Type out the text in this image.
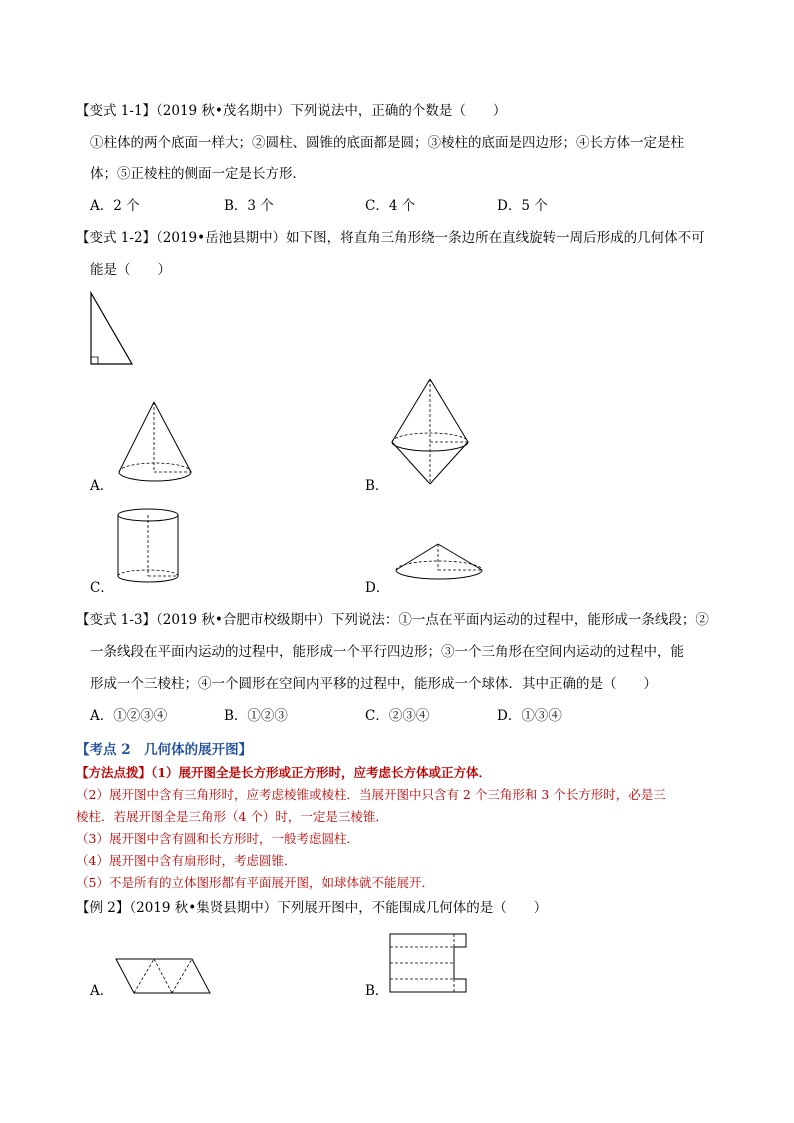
【变式 1-1】（2019 秋•茂名期中）下列说法中，正确的个数是（　　）
①柱体的两个底面一样大；②圆柱、圆锥的底面都是圆；③棱柱的底面是四边形；④长方体一定是柱
体；⑤正棱柱的侧面一定是长方形．
A．2 个	B．3 个	C．4 个	D．5 个
【变式 1-2】（2019•岳池县期中）如下图，将直角三角形绕一条边所在直线旋转一周后形成的几何体不可
能是（　　）
A．	B．
C．	D．
【变式 1-3】（2019 秋•合肥市校级期中）下列说法：①一点在平面内运动的过程中，能形成一条线段；②
一条线段在平面内运动的过程中，能形成一个平行四边形；③一个三角形在空间内运动的过程中，能
形成一个三棱柱；④一个圆形在空间内平移的过程中，能形成一个球体．其中正确的是（　　）
A．①②③④	B．①②③	C．②③④	D．①③④
【考点 2　几何体的展开图】
【方法点拨】（1）展开图全是长方形或正方形时，应考虑长方体或正方体．
（2）展开图中含有三角形时，应考虑棱锥或棱柱．当展开图中只含有 2 个三角形和 3 个长方形时，必是三
棱柱．若展开图全是三角形（4 个）时，一定是三棱锥．
（3）展开图中含有圆和长方形时，一般考虑圆柱．
（4）展开图中含有扇形时，考虑圆锥．
（5）不是所有的立体图形都有平面展开图，如球体就不能展开．
【例 2】（2019 秋•集贤县期中）下列展开图中，不能围成几何体的是（　　）
A．	B．
